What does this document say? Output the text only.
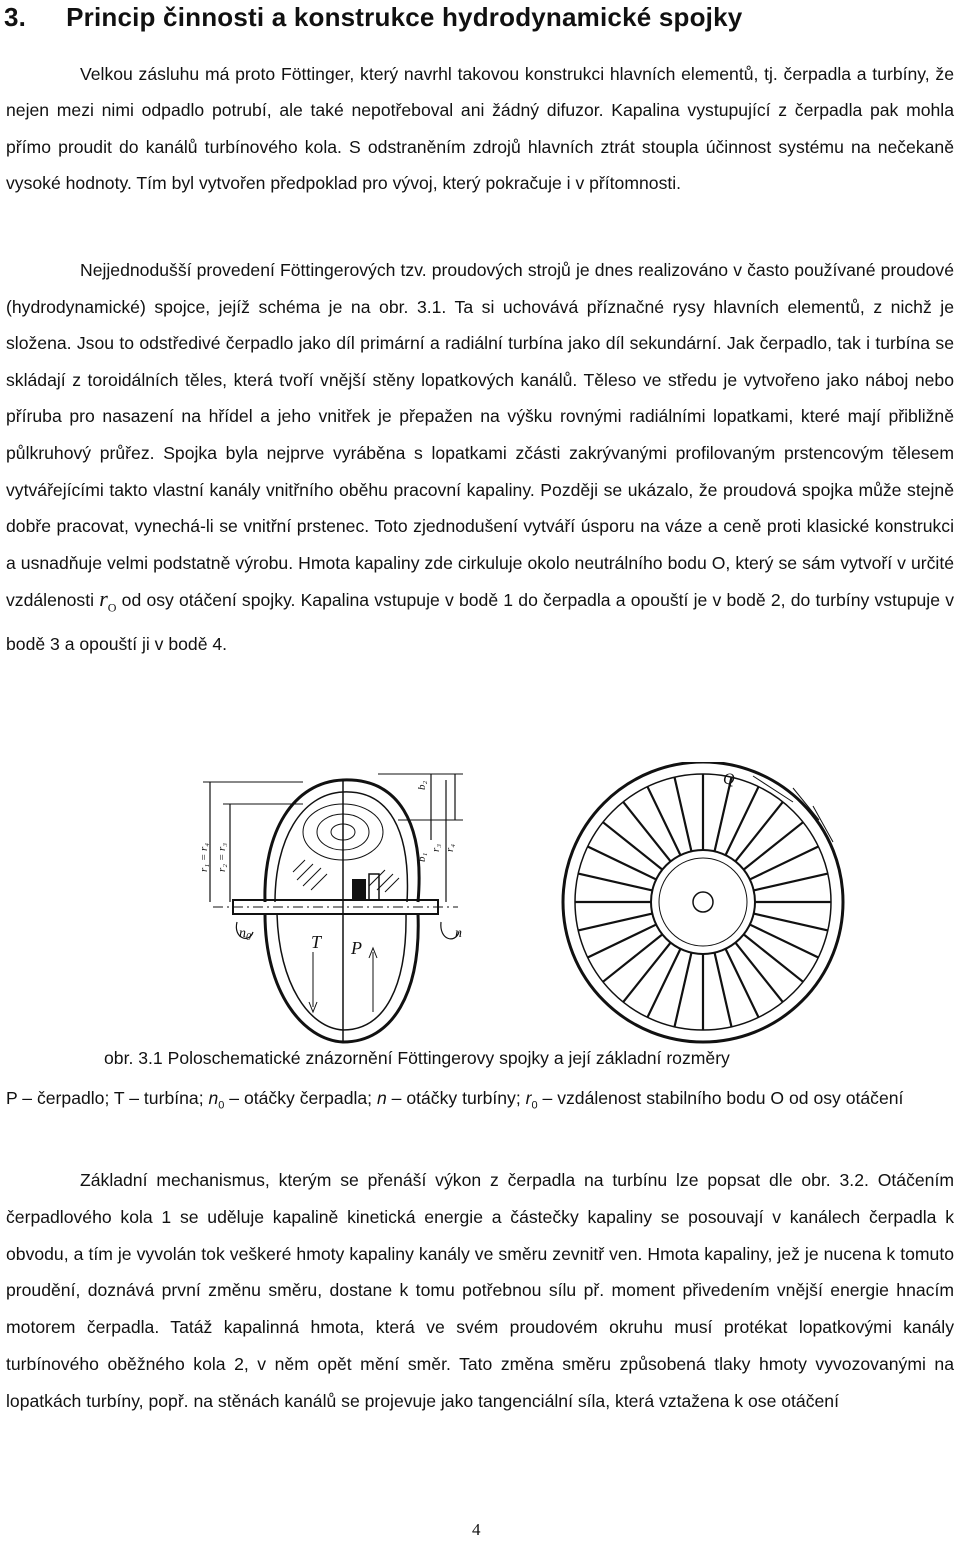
3. Princip činnosti a konstrukce hydrodynamické spojky

Velkou zásluhu má proto Föttinger, který navrhl takovou konstrukci hlavních elementů, tj. čerpadla a turbíny, že nejen mezi nimi odpadlo potrubí, ale také nepotřeboval ani žádný difuzor. Kapalina vystupující z čerpadla pak mohla přímo proudit do kanálů turbínového kola. S odstraněním zdrojů hlavních ztrát stoupla účinnost systému na nečekaně vysoké hodnoty. Tím byl vytvořen předpoklad pro vývoj, který pokračuje i v přítomnosti.

Nejjednodušší provedení Föttingerových tzv. proudových strojů je dnes realizováno v často používané proudové (hydrodynamické) spojce, jejíž schéma je na obr. 3.1. Ta si uchovává příznačné rysy hlavních elementů, z nichž je složena. Jsou to odstředivé čerpadlo jako díl primární a radiální turbína jako díl sekundární. Jak čerpadlo, tak i turbína se skládají z toroidálních těles, která tvoří vnější stěny lopatkových kanálů. Těleso ve středu je vytvořeno jako náboj nebo příruba pro nasazení na hřídel a jeho vnitřek je přepažen na výšku rovnými radiálními lopatkami, které mají přibližně půlkruhový průřez. Spojka byla nejprve vyráběna s lopatkami zčásti zakrývanými profilovaným prstencovým tělesem vytvářejícími takto vlastní kanály vnitřního oběhu pracovní kapaliny. Později se ukázalo, že proudová spojka může stejně dobře pracovat, vynechá-li se vnitřní prstenec. Toto zjednodušení vytváří úsporu na váze a ceně proti klasické konstrukci a usnadňuje velmi podstatně výrobu. Hmota kapaliny zde cirkuluje okolo neutrálního bodu O, který se sám vytvoří v určité vzdálenosti $r_O$ od osy otáčení spojky. Kapalina vstupuje v bodě 1 do čerpadla a opouští je v bodě 2, do turbíny vstupuje v bodě 3 a opouští ji v bodě 4.

Q
T P
$n_0$	n
b₂
b₁
r₃ r₄
r₁ = r₄ r₂ = r₃

obr. 3.1 Poloschematické znázornění Föttingerovy spojky a její základní rozměry

P – čerpadlo; T – turbína; $n_0$ – otáčky čerpadla; n – otáčky turbíny; $r_0$ – vzdálenost stabilního bodu O od osy otáčení

Základní mechanismus, kterým se přenáší výkon z čerpadla na turbínu lze popsat dle obr. 3.2. Otáčením čerpadlového kola 1 se uděluje kapalině kinetická energie a částečky kapaliny se posouvají v kanálech čerpadla k obvodu, a tím je vyvolán tok veškeré hmoty kapaliny kanály ve směru zevnitř ven. Hmota kapaliny, jež je nucena k tomuto proudění, doznává první změnu směru, dostane k tomu potřebnou sílu př. moment přivedením vnější energie hnacím motorem čerpadla. Tatáž kapalinná hmota, která ve svém proudovém okruhu musí protékat lopatkovými kanály turbínového oběžného kola 2, v něm opět mění směr. Tato změna směru způsobená tlaky hmoty vyvozovanými na lopatkách turbíny, popř. na stěnách kanálů se projevuje jako tangenciální síla, která vztažena k ose otáčení

4
